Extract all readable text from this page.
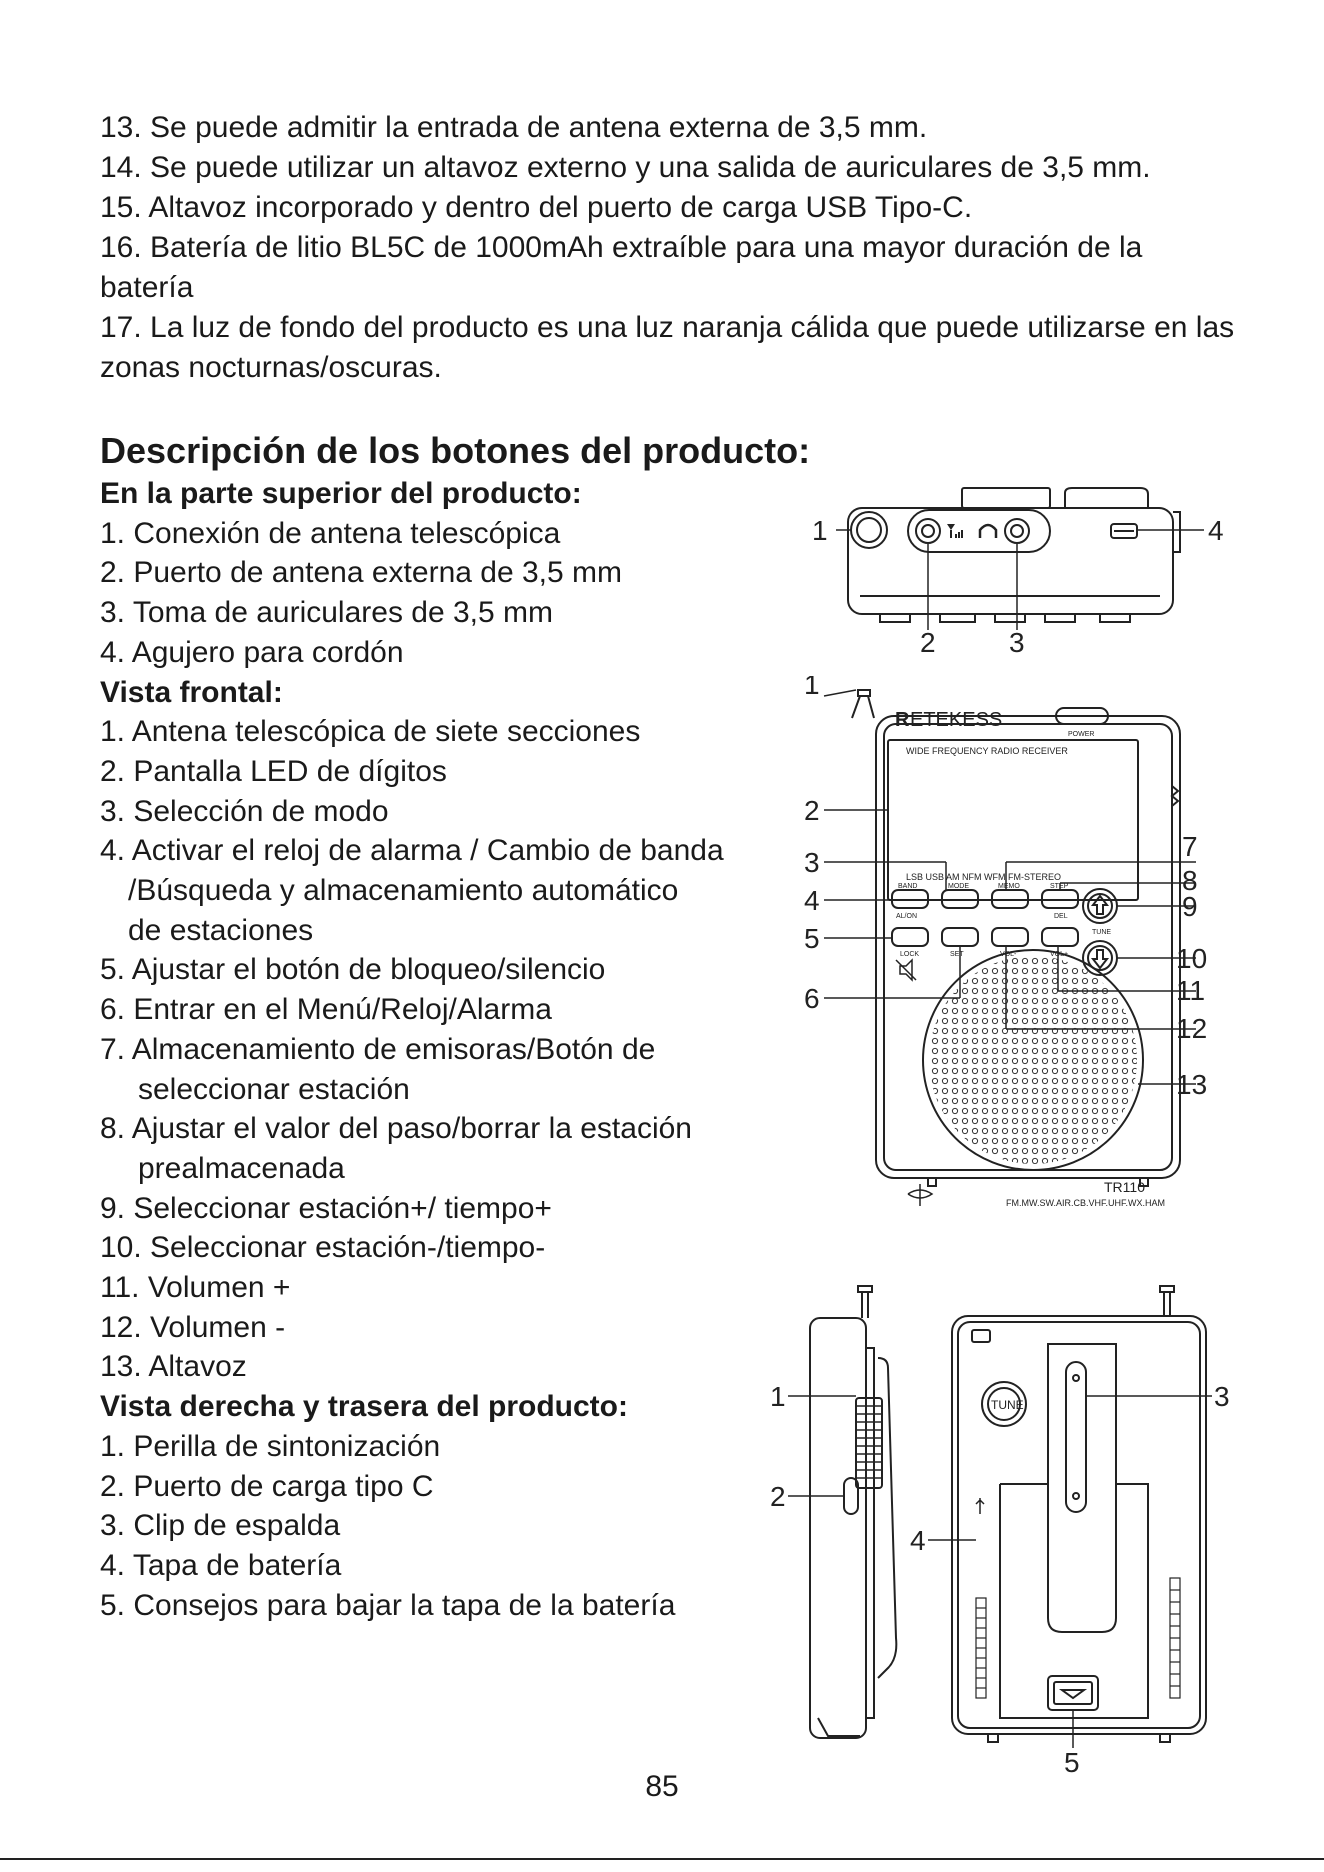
13. Se puede admitir la entrada de antena externa de 3,5 mm.

14. Se puede utilizar un altavoz externo y una salida de auriculares de 3,5 mm.

15. Altavoz incorporado y dentro del puerto de carga USB Tipo-C.

16. Batería de litio BL5C de 1000mAh extraíble para una mayor duración de la batería

17. La luz de fondo del producto es una luz naranja cálida que puede utilizarse en las zonas nocturnas/oscuras.

Descripción de los botones del producto:

En la parte superior del producto:

1. Conexión de antena telescópica

2. Puerto de antena externa de 3,5 mm

3. Toma de auriculares de 3,5 mm

4. Agujero para cordón

Vista frontal:

1. Antena telescópica de siete secciones

2. Pantalla LED de dígitos

3. Selección de modo

4. Activar el reloj de alarma / Cambio de banda

/Búsqueda y almacenamiento automático

de estaciones

5. Ajustar el botón de bloqueo/silencio

6. Entrar en el Menú/Reloj/Alarma

7. Almacenamiento de emisoras/Botón de

seleccionar estación

8. Ajustar el valor del paso/borrar la estación

prealmacenada

9. Seleccionar estación+/ tiempo+

10. Seleccionar estación-/tiempo-

11. Volumen +

12. Volumen -

13. Altavoz

Vista derecha y trasera del producto:

1. Perilla de sintonización

2. Puerto de carga tipo C

3. Clip de espalda

4. Tapa de batería

5. Consejos para bajar la tapa de la batería

1
2	3
4
R ETEKESS
POWER
WIDE FREQUENCY RADIO RECEIVER
LSB USB AM NFM WFM FM-STEREO
BAND
AL/ON
MODE	MEMO	STEP
DEL
LOCK	SET	VOL-	VOL+
TUNE
TR110
FM.MW.SW.AIR.CB.VHF.UHF.WX.HAM
1
2
3
4
5
6
7
8
9
10
11
12
13
TUNE
1
2
3
4
5
85
